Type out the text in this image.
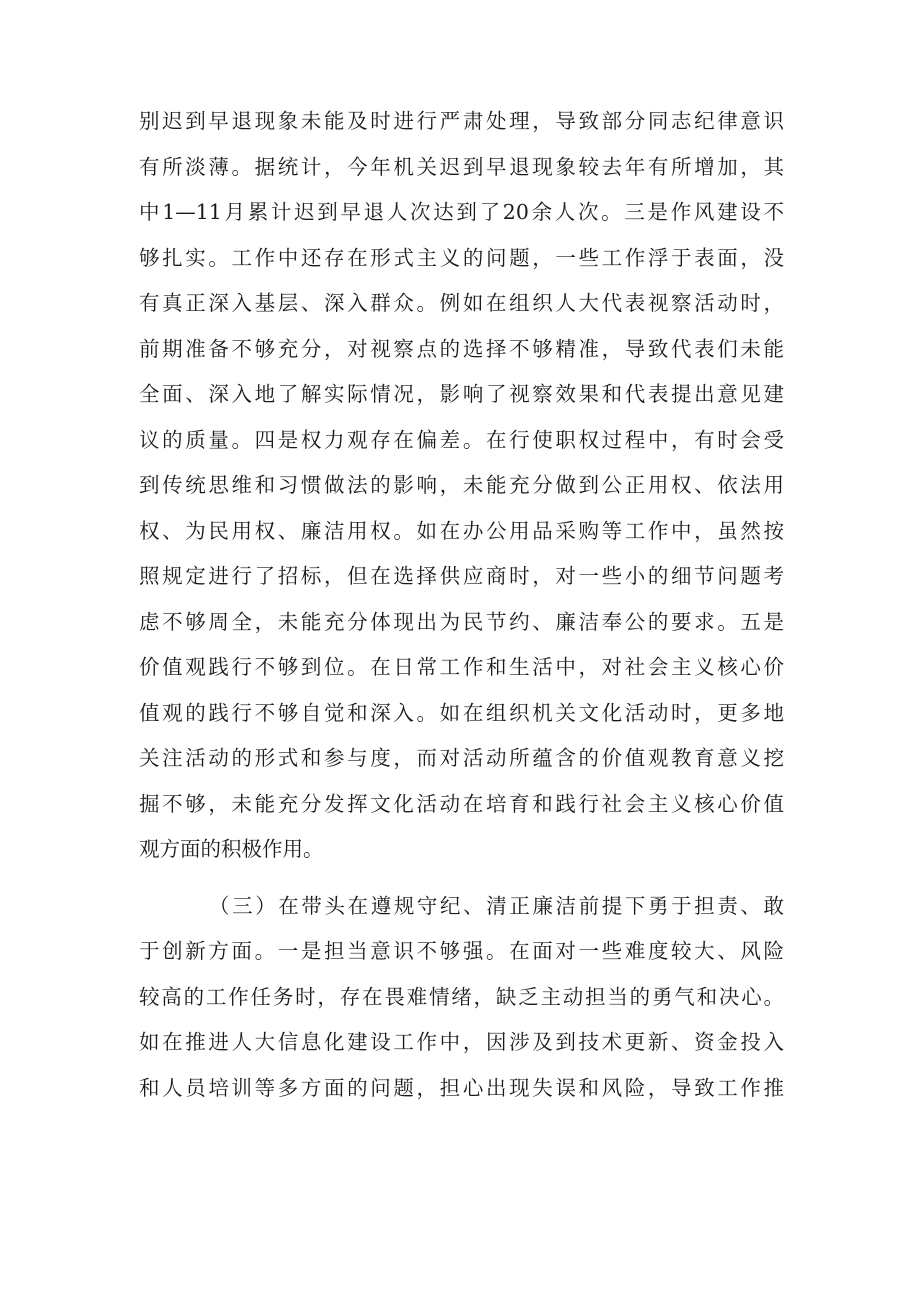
别迟到早退现象未能及时进行严肃处理，导致部分同志纪律意识
有所淡薄。据统计，今年机关迟到早退现象较去年有所增加，其
中1—11月累计迟到早退人次达到了20余人次。三是作风建设不
够扎实。工作中还存在形式主义的问题，一些工作浮于表面，没
有真正深入基层、深入群众。例如在组织人大代表视察活动时，
前期准备不够充分，对视察点的选择不够精准，导致代表们未能
全面、深入地了解实际情况，影响了视察效果和代表提出意见建
议的质量。四是权力观存在偏差。在行使职权过程中，有时会受
到传统思维和习惯做法的影响，未能充分做到公正用权、依法用
权、为民用权、廉洁用权。如在办公用品采购等工作中，虽然按
照规定进行了招标，但在选择供应商时，对一些小的细节问题考
虑不够周全，未能充分体现出为民节约、廉洁奉公的要求。五是
价值观践行不够到位。在日常工作和生活中，对社会主义核心价
值观的践行不够自觉和深入。如在组织机关文化活动时，更多地
关注活动的形式和参与度，而对活动所蕴含的价值观教育意义挖
掘不够，未能充分发挥文化活动在培育和践行社会主义核心价值
观方面的积极作用。
（三）在带头在遵规守纪、清正廉洁前提下勇于担责、敢
于创新方面。一是担当意识不够强。在面对一些难度较大、风险
较高的工作任务时，存在畏难情绪，缺乏主动担当的勇气和决心。
如在推进人大信息化建设工作中，因涉及到技术更新、资金投入
和人员培训等多方面的问题，担心出现失误和风险，导致工作推
